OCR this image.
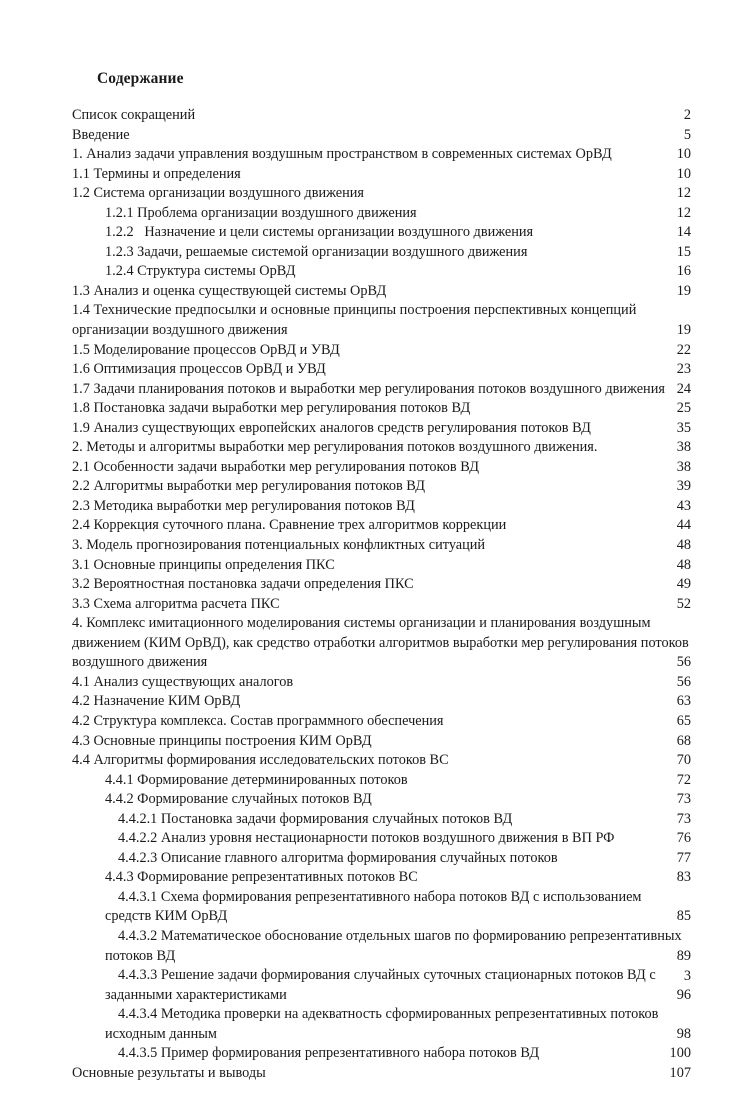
Содержание
Список сокращений	2
Введение	5
1. Анализ задачи управления воздушным пространством в современных системах ОрВД	10
1.1 Термины и определения	10
1.2 Система организации воздушного движения	12
1.2.1 Проблема организации воздушного движения	12
1.2.2   Назначение и цели системы организации воздушного движения	14
1.2.3 Задачи, решаемые системой организации воздушного движения	15
1.2.4 Структура системы ОрВД	16
1.3 Анализ и оценка существующей системы ОрВД	19
1.4 Технические предпосылки и основные принципы построения перспективных концепций организации воздушного движения	19
1.5 Моделирование процессов ОрВД и УВД	22
1.6 Оптимизация процессов ОрВД и УВД	23
1.7 Задачи планирования потоков и выработки мер регулирования потоков воздушного движения 24
1.8 Постановка задачи выработки мер регулирования потоков ВД	25
1.9 Анализ существующих европейских аналогов средств регулирования потоков ВД	35
2. Методы и алгоритмы выработки мер регулирования потоков воздушного движения.	38
2.1 Особенности задачи выработки мер регулирования потоков ВД	38
2.2 Алгоритмы выработки мер регулирования потоков ВД	39
2.3 Методика выработки мер регулирования потоков ВД	43
2.4 Коррекция суточного плана. Сравнение трех алгоритмов коррекции	44
3. Модель прогнозирования потенциальных конфликтных ситуаций	48
3.1 Основные принципы определения ПКС	48
3.2 Вероятностная постановка задачи определения ПКС	49
3.3 Схема алгоритма расчета ПКС	52
4. Комплекс имитационного моделирования системы организации и планирования воздушным движением (КИМ ОрВД), как средство отработки алгоритмов выработки мер регулирования потоков воздушного движения	56
4.1 Анализ существующих аналогов	56
4.2 Назначение КИМ ОрВД	63
4.2 Структура комплекса. Состав программного обеспечения	65
4.3 Основные принципы построения КИМ ОрВД	68
4.4 Алгоритмы формирования исследовательских потоков ВС	70
4.4.1 Формирование детерминированных потоков	72
4.4.2 Формирование случайных потоков ВД	73
4.4.2.1 Постановка задачи формирования случайных потоков ВД	73
4.4.2.2 Анализ уровня нестационарности потоков воздушного движения в ВП РФ	76
4.4.2.3 Описание главного алгоритма формирования случайных потоков	77
4.4.3 Формирование репрезентативных потоков ВС	83
4.4.3.1 Схема формирования репрезентативного набора потоков ВД с использованием средств КИМ ОрВД	85
4.4.3.2 Математическое обоснование отдельных шагов по формированию репрезентативных потоков ВД	89
4.4.3.3 Решение задачи формирования случайных суточных стационарных потоков ВД с заданными характеристиками	96
4.4.3.4 Методика проверки на адекватность сформированных репрезентативных потоков исходным данным	98
4.4.3.5 Пример формирования репрезентативного набора потоков ВД	100
Основные результаты и выводы	107
3
